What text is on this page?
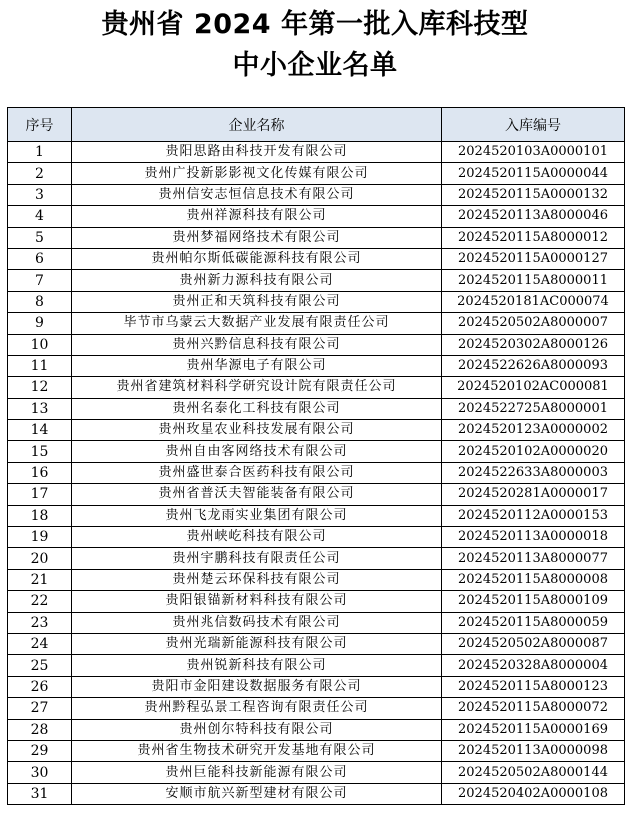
贵州省 2024 年第一批入库科技型
中小企业名单
序号	企业名称	入库编号
1	贵阳思路由科技开发有限公司	2024520103A0000101
2	贵州广投新影影视文化传媒有限公司	2024520115A0000044
3	贵州信安志恒信息技术有限公司	2024520115A0000132
4	贵州祥源科技有限公司	2024520113A8000046
5	贵州梦福网络技术有限公司	2024520115A8000012
6	贵州帕尔斯低碳能源科技有限公司	2024520115A0000127
7	贵州新力源科技有限公司	2024520115A8000011
8	贵州正和天筑科技有限公司	2024520181AC000074
9	毕节市乌蒙云大数据产业发展有限责任公司	2024520502A8000007
10	贵州兴黔信息科技有限公司	2024520302A8000126
11	贵州华源电子有限公司	2024522626A8000093
12	贵州省建筑材料科学研究设计院有限责任公司	2024520102AC000081
13	贵州名泰化工科技有限公司	2024522725A8000001
14	贵州玫星农业科技发展有限公司	2024520123A0000002
15	贵州自由客网络技术有限公司	2024520102A0000020
16	贵州盛世泰合医药科技有限公司	2024522633A8000003
17	贵州省普沃夫智能装备有限公司	2024520281A0000017
18	贵州飞龙雨实业集团有限公司	2024520112A0000153
19	贵州峡屹科技有限公司	2024520113A0000018
20	贵州宇鹏科技有限责任公司	2024520113A8000077
21	贵州楚云环保科技有限公司	2024520115A8000008
22	贵阳银锚新材料科技有限公司	2024520115A8000109
23	贵州兆信数码技术有限公司	2024520115A8000059
24	贵州光瑞新能源科技有限公司	2024520502A8000087
25	贵州锐新科技有限公司	2024520328A8000004
26	贵阳市金阳建设数据服务有限公司	2024520115A8000123
27	贵州黔程弘景工程咨询有限责任公司	2024520115A8000072
28	贵州创尔特科技有限公司	2024520115A0000169
29	贵州省生物技术研究开发基地有限公司	2024520113A0000098
30	贵州巨能科技新能源有限公司	2024520502A8000144
31	安顺市航兴新型建材有限公司	2024520402A0000108
